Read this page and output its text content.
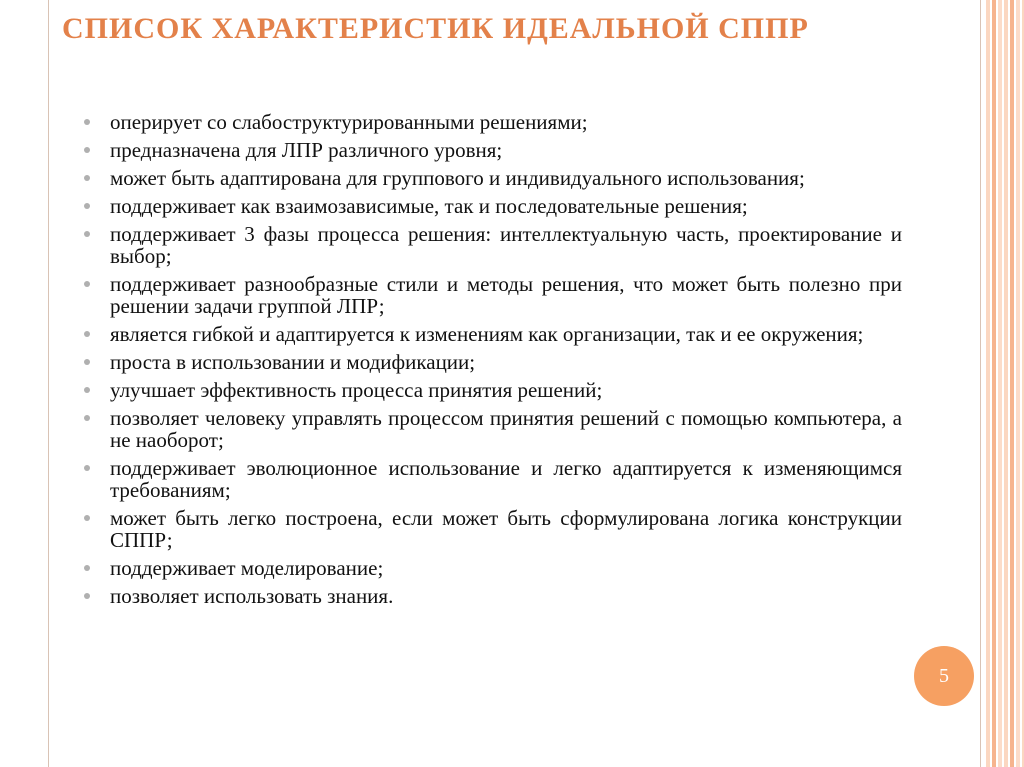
СПИСОК ХАРАКТЕРИСТИК ИДЕАЛЬНОЙ СППР
оперирует со слабоструктурированными решениями;
предназначена для ЛПР различного уровня;
может быть адаптирована для группового и индивидуального использования;
поддерживает как взаимозависимые, так и последовательные решения;
поддерживает 3 фазы процесса решения: интеллектуальную часть, проектирование и выбор;
поддерживает разнообразные стили и методы решения, что может быть полезно при решении задачи группой ЛПР;
является гибкой и адаптируется к изменениям как организации, так и ее окружения;
проста в использовании и модификации;
улучшает эффективность процесса принятия решений;
позволяет человеку управлять процессом принятия решений с помощью компьютера, а не наоборот;
поддерживает эволюционное использование и легко адаптируется к изменяющимся требованиям;
может быть легко построена, если может быть сформулирована логика конструкции СППР;
поддерживает моделирование;
позволяет использовать знания.
5
